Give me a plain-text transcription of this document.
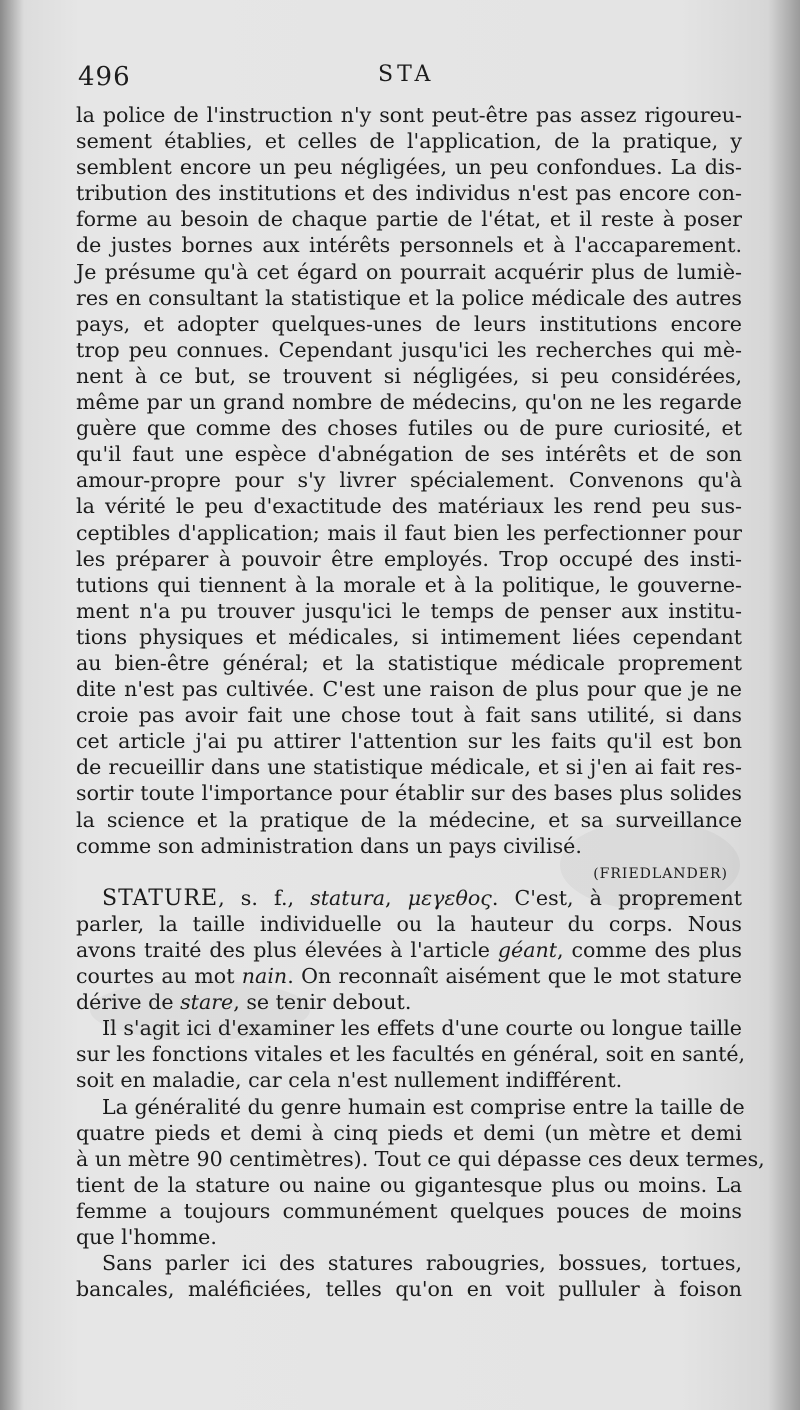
496	STA
la police de l'instruction n'y sont peut-être pas assez rigoureu-
sement établies, et celles de l'application, de la pratique, y
semblent encore un peu négligées, un peu confondues. La dis-
tribution des institutions et des individus n'est pas encore con-
forme au besoin de chaque partie de l'état, et il reste à poser
de justes bornes aux intérêts personnels et à l'accaparement.
Je présume qu'à cet égard on pourrait acquérir plus de lumiè-
res en consultant la statistique et la police médicale des autres
pays, et adopter quelques-unes de leurs institutions encore
trop peu connues. Cependant jusqu'ici les recherches qui mè-
nent à ce but, se trouvent si négligées, si peu considérées,
même par un grand nombre de médecins, qu'on ne les regarde
guère que comme des choses futiles ou de pure curiosité, et
qu'il faut une espèce d'abnégation de ses intérêts et de son
amour-propre pour s'y livrer spécialement. Convenons qu'à
la vérité le peu d'exactitude des matériaux les rend peu sus-
ceptibles d'application; mais il faut bien les perfectionner pour
les préparer à pouvoir être employés. Trop occupé des insti-
tutions qui tiennent à la morale et à la politique, le gouverne-
ment n'a pu trouver jusqu'ici le temps de penser aux institu-
tions physiques et médicales, si intimement liées cependant
au bien-être général; et la statistique médicale proprement
dite n'est pas cultivée. C'est une raison de plus pour que je ne
croie pas avoir fait une chose tout à fait sans utilité, si dans
cet article j'ai pu attirer l'attention sur les faits qu'il est bon
de recueillir dans une statistique médicale, et si j'en ai fait res-
sortir toute l'importance pour établir sur des bases plus solides
la science et la pratique de la médecine, et sa surveillance
comme son administration dans un pays civilisé.
(FRIEDLANDER)
STATURE, s. f., statura, μεγεθος. C'est, à proprement
parler, la taille individuelle ou la hauteur du corps. Nous
avons traité des plus élevées à l'article géant, comme des plus
courtes au mot nain. On reconnaît aisément que le mot stature
dérive de stare, se tenir debout.
Il s'agit ici d'examiner les effets d'une courte ou longue taille
sur les fonctions vitales et les facultés en général, soit en santé,
soit en maladie, car cela n'est nullement indifférent.
La généralité du genre humain est comprise entre la taille de
quatre pieds et demi à cinq pieds et demi (un mètre et demi
à un mètre 90 centimètres). Tout ce qui dépasse ces deux termes,
tient de la stature ou naine ou gigantesque plus ou moins. La
femme a toujours communément quelques pouces de moins
que l'homme.
Sans parler ici des statures rabougries, bossues, tortues,
bancales, maléficiées, telles qu'on en voit pulluler à foison
